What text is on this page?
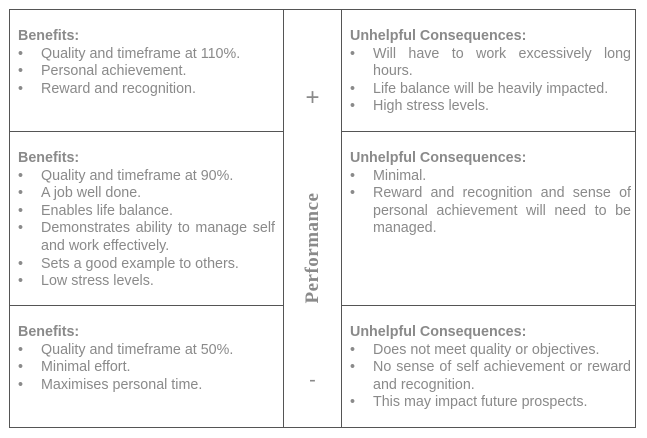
Benefits:
• Quality and timeframe at 110%.
• Personal achievement.
• Reward and recognition.
Unhelpful Consequences:
• Will have to work excessively long hours.
• Life balance will be heavily impacted.
• High stress levels.
Benefits:
• Quality and timeframe at 90%.
• A job well done.
• Enables life balance.
• Demonstrates ability to manage self and work effectively.
• Sets a good example to others.
• Low stress levels.
Unhelpful Consequences:
• Minimal.
• Reward and recognition and sense of personal achievement will need to be managed.
Benefits:
• Quality and timeframe at 50%.
• Minimal effort.
• Maximises personal time.
Unhelpful Consequences:
• Does not meet quality or objectives.
• No sense of self achievement or reward and recognition.
• This may impact future prospects.
+
Performance
-
